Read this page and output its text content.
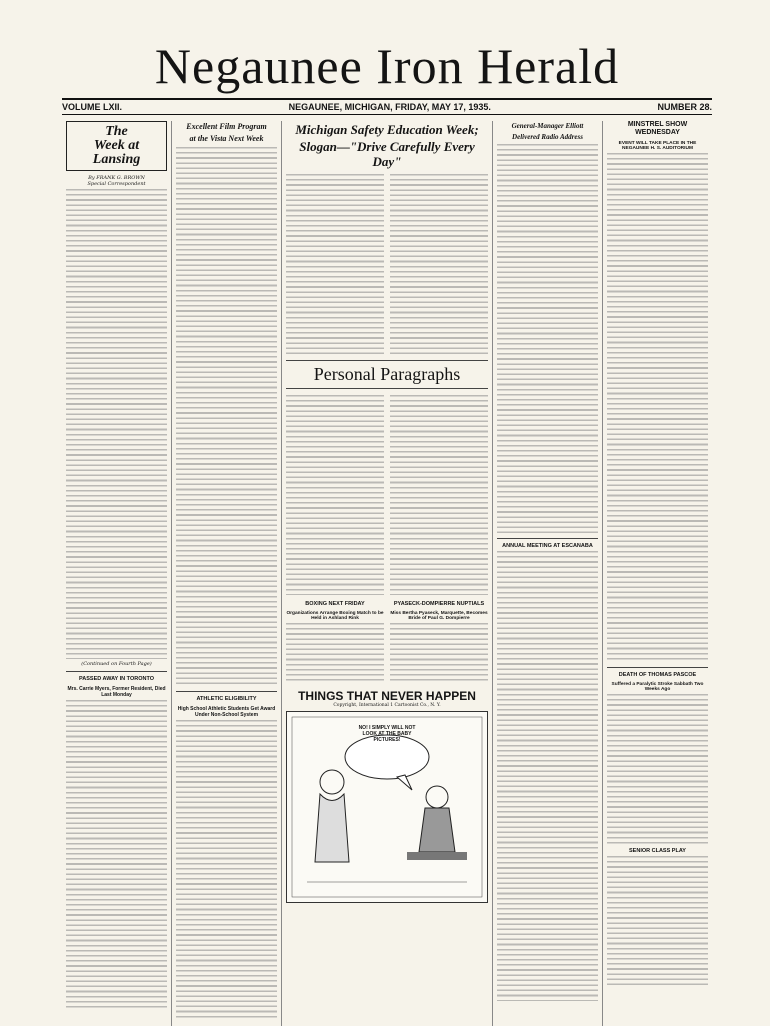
Negaunee Iron Herald
VOLUME LXII.	NEGAUNEE, MICHIGAN, FRIDAY, MAY 17, 1935.	NUMBER 28.
The
Week at
Lansing
By FRANK G. BROWN
Special Correspondent
(Continued on Fourth Page)
PASSED AWAY IN TORONTO
Mrs. Carrie Myers, Former Resident, Died Last Monday
Excellent Film Program
at the Vista Next Week
ATHLETIC ELIGIBILITY
High School Athletic Students Get Award Under Non-School System
Michigan Safety Education Week;
Slogan—"Drive Carefully Every Day"
Personal Paragraphs
BOXING NEXT FRIDAY
Organizations Arrange Boxing Match to be Held in Ashland Rink
PYASECK-DOMPIERRE NUPTIALS
Miss Bertha Pyaseck, Marquette, Becomes Bride of Paul G. Dompierre
THINGS THAT NEVER HAPPEN
Copyright, International 1 Cartoonist Co., N. Y.
NO! I SIMPLY WILL NOT LOOK AT THE BABY PICTURES!
General-Manager Elliott
Delivered Radio Address
ANNUAL MEETING AT ESCANABA
MINSTREL SHOW WEDNESDAY
EVENT WILL TAKE PLACE IN THE NEGAUNEE H. S. AUDITORIUM
DEATH OF THOMAS PASCOE
Suffered a Paralytic Stroke Sabbath Two Weeks Ago
SENIOR CLASS PLAY
